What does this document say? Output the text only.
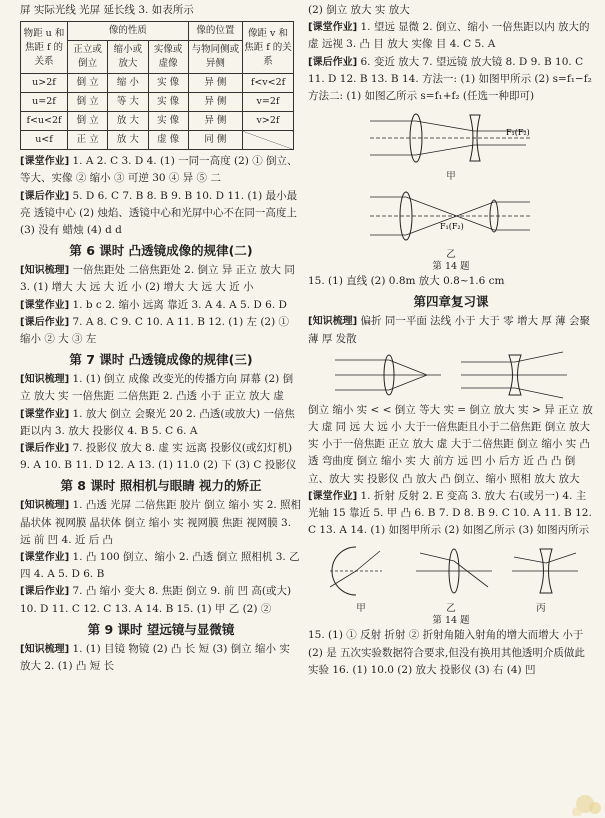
屏 实际光线 光屏 延长线 3. 如表所示

物距 u 和焦距 f 的关系	像的性质			像的位置	像距 v 和焦距 f 的关系
	正立或倒立	缩小或放大	实像或虚像	与物同侧或异侧	
u>2f	倒 立	缩 小	实 像	异 侧	f<v<2f
u=2f	倒 立	等 大	实 像	异 侧	v=2f
f<u<2f	倒 立	放 大	实 像	异 侧	v>2f
u<f	正 立	放 大	虚 像	同 侧	

[课堂作业] 1. A 2. C 3. D 4. (1) 一同一高度 (2) ① 倒立、等大、实像 ② 缩小 ③ 可逆 30 ④ 异 ⑤ 二

[课后作业] 5. D 6. C 7. B 8. B 9. B 10. D 11. (1) 最小最亮 透镜中心 (2) 烛焰、透镜中心和光屏中心不在同一高度上 (3) 没有 蜡烛 (4) d d

第 6 课时 凸透镜成像的规律(二)

[知识梳理] 一倍焦距处 二倍焦距处 2. 倒立 异 正立 放大 同 3. (1) 增大 大 远 大 近 小 (2) 增大 大 远 大 近 小

[课堂作业] 1. b c 2. 缩小 远离 靠近 3. A 4. A 5. D 6. D

[课后作业] 7. A 8. C 9. C 10. A 11. B 12. (1) 左 (2) ① 缩小 ② 大 ③ 左

第 7 课时 凸透镜成像的规律(三)

[知识梳理] 1. (1) 倒立 成像 改变光的传播方向 屏幕 (2) 倒立 放大 实 一倍焦距 二倍焦距 2. 凸透 小于 正立 放大 虚

[课堂作业] 1. 放大 倒立 会聚光 20 2. 凸透(或放大) 一倍焦距以内 3. 放大 投影仪 4. B 5. C 6. A

[课后作业] 7. 投影仪 放大 8. 虚 实 远离 投影仪(或幻灯机) 9. A 10. B 11. D 12. A 13. (1) 11.0 (2) 下 (3) C 投影仪

第 8 课时 照相机与眼睛 视力的矫正

[知识梳理] 1. 凸透 光屏 二倍焦距 胶片 倒立 缩小 实 2. 照相 晶状体 视网膜 晶状体 倒立 缩小 实 视网膜 焦距 视网膜 3. 远 前 凹 4. 近 后 凸

[课堂作业] 1. 凸 100 倒立、缩小 2. 凸透 倒立 照相机 3. 乙 四 4. A 5. D 6. B

[课后作业] 7. 凸 缩小 变大 8. 焦距 倒立 9. 前 凹 高(或大) 10. D 11. C 12. C 13. A 14. B 15. (1) 甲 乙 (2) ②

第 9 课时 望远镜与显微镜

[知识梳理] 1. (1) 目镜 物镜 (2) 凸 长 短 (3) 倒立 缩小 实 放大 2. (1) 凸 短 长

(2) 倒立 放大 实 放大

[课堂作业] 1. 望远 显微 2. 倒立、缩小 一倍焦距以内 放大的虚 远视 3. 凸 目 放大 实像 目 4. C 5. A

[课后作业] 6. 变近 放大 7. 望远镜 放大镜 8. D 9. B 10. C 11. D 12. B 13. B 14. 方法一: (1) 如图甲所示 (2) s=f₁−f₂ 方法二: (1) 如图乙所示 s=f₁+f₂ (任选一种即可)

F₁(F₂)
甲
F₁(F₂)
乙
第 14 题

15. (1) 直线 (2) 0.8m 放大 0.8~1.6 cm

第四章复习课

[知识梳理] 偏折 同一平面 法线 小于 大于 零 增大 厚 薄 会聚 薄 厚 发散

倒立 缩小 实 < < 倒立 等大 实 = 倒立 放大 实 > 异 正立 放大 虚 同 远 大 远 小 大于一倍焦距且小于二倍焦距 倒立 放大 实 小于一倍焦距 正立 放大 虚 大于二倍焦距 倒立 缩小 实 凸透 弯曲度 倒立 缩小 实 大 前方 远 凹 小 后方 近 凸 凸 倒立、放大 实 投影仪 凸 放大 凸 倒立、缩小 照相 放大 放大

[课堂作业] 1. 折射 反射 2. E 变高 3. 放大 右(或另一) 4. 主光轴 15 靠近 5. 甲 凸 6. B 7. D 8. B 9. C 10. A 11. B 12. C 13. A 14. (1) 如图甲所示 (2) 如图乙所示 (3) 如图丙所示

甲	乙	丙
第 14 题

15. (1) ① 反射 折射 ② 折射角随入射角的增大而增大 小于 (2) 是 五次实验数据符合要求,但没有换用其他透明介质做此实验 16. (1) 10.0 (2) 放大 投影仪 (3) 右 (4) 凹
